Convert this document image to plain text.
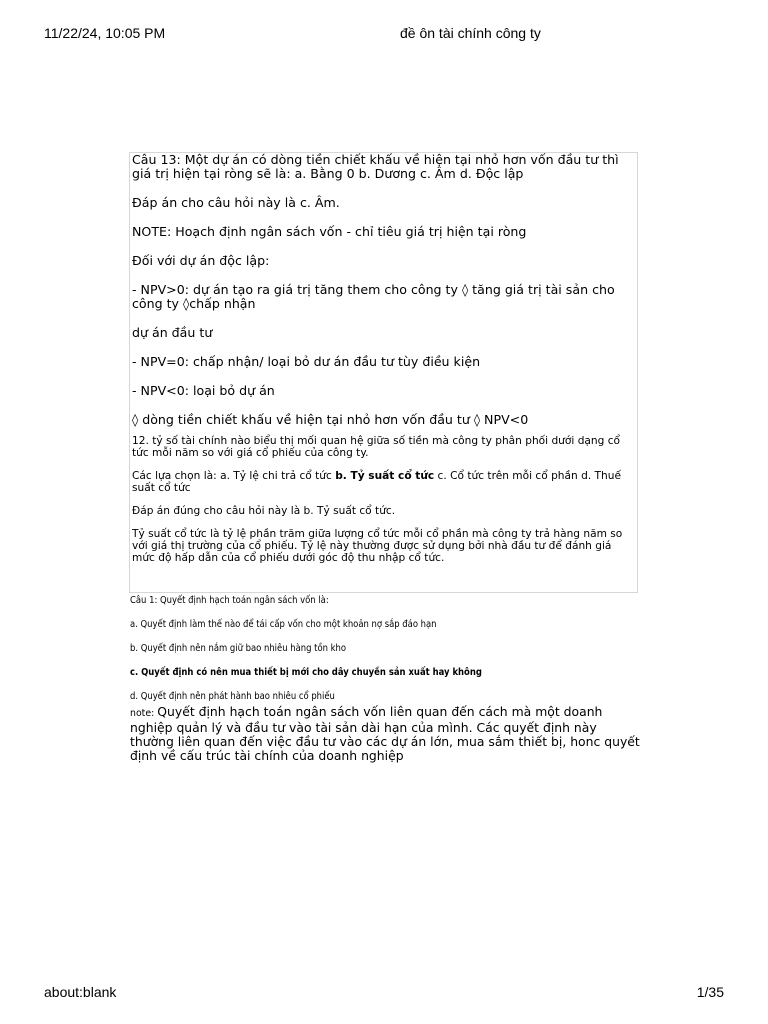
11/22/24, 10:05 PM	đề ôn tài chính công ty

Câu 13: Một dự án có dòng tiền chiết khấu về hiện tại nhỏ hơn vốn đầu tư thì giá trị hiện tại ròng sẽ là: a. Bằng 0 b. Dương c. Âm d. Độc lập

Đáp án cho câu hỏi này là c. Âm.

NOTE: Hoạch định ngân sách vốn - chỉ tiêu giá trị hiện tại ròng

Đối với dự án độc lập:

- NPV>0: dự án tạo ra giá trị tăng them cho công ty ◊ tăng giá trị tài sản cho công ty ◊chấp nhận

dự án đầu tư

- NPV=0: chấp nhận/ loại bỏ dư án đầu tư tùy điều kiện

- NPV<0: loại bỏ dự án

◊ dòng tiền chiết khấu về hiện tại nhỏ hơn vốn đầu tư ◊ NPV<0

12. tỷ số tài chính nào biểu thị mối quan hệ giữa số tiền mà công ty phân phối dưới dạng cổ tức mỗi năm so với giá cổ phiếu của công ty.

Các lựa chọn là: a. Tỷ lệ chi trả cổ tức b. Tỷ suất cổ tức c. Cổ tức trên mỗi cổ phần d. Thuế suất cổ tức

Đáp án đúng cho câu hỏi này là b. Tỷ suất cổ tức.

Tỷ suất cổ tức là tỷ lệ phần trăm giữa lượng cổ tức mỗi cổ phần mà công ty trả hàng năm so với giá thị trường của cổ phiếu. Tỷ lệ này thường được sử dụng bởi nhà đầu tư để đánh giá mức độ hấp dẫn của cổ phiếu dưới góc độ thu nhập cổ tức.

Câu 1: Quyết định hạch toán ngân sách vốn là:

a. Quyết định làm thế nào để tái cấp vốn cho một khoản nợ sắp đáo hạn

b. Quyết định nên nắm giữ bao nhiêu hàng tồn kho

c. Quyết định có nên mua thiết bị mới cho dây chuyền sản xuất hay không

d. Quyết định nên phát hành bao nhiêu cổ phiếu

note: Quyết định hạch toán ngân sách vốn liên quan đến cách mà một doanh nghiệp quản lý và đầu tư vào tài sản dài hạn của mình. Các quyết định này thường liên quan đến việc đầu tư vào các dự án lớn, mua sắm thiết bị, honc quyết định về cấu trúc tài chính của doanh nghiệp

about:blank	1/35
